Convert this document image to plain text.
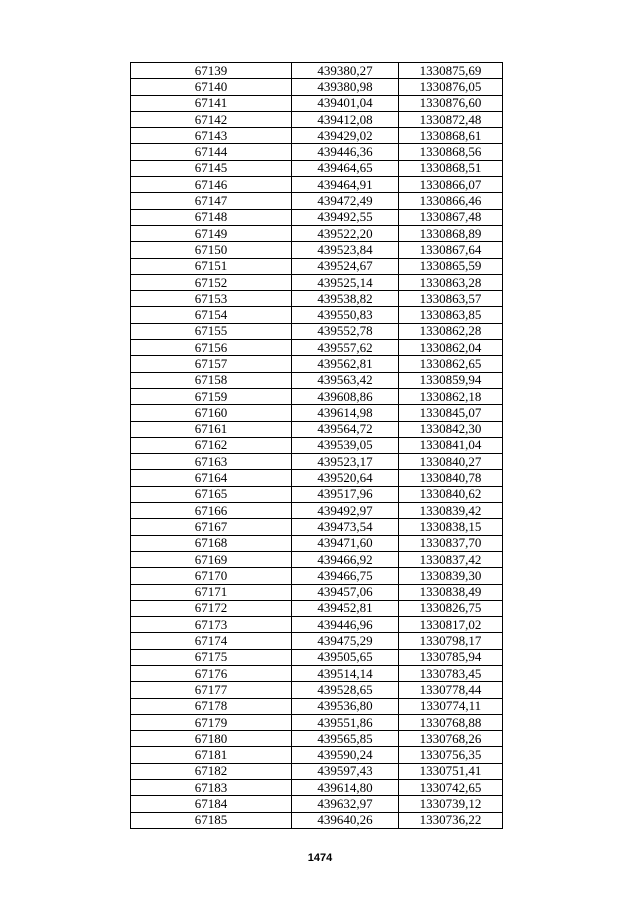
67139	439380,27	1330875,69
67140	439380,98	1330876,05
67141	439401,04	1330876,60
67142	439412,08	1330872,48
67143	439429,02	1330868,61
67144	439446,36	1330868,56
67145	439464,65	1330868,51
67146	439464,91	1330866,07
67147	439472,49	1330866,46
67148	439492,55	1330867,48
67149	439522,20	1330868,89
67150	439523,84	1330867,64
67151	439524,67	1330865,59
67152	439525,14	1330863,28
67153	439538,82	1330863,57
67154	439550,83	1330863,85
67155	439552,78	1330862,28
67156	439557,62	1330862,04
67157	439562,81	1330862,65
67158	439563,42	1330859,94
67159	439608,86	1330862,18
67160	439614,98	1330845,07
67161	439564,72	1330842,30
67162	439539,05	1330841,04
67163	439523,17	1330840,27
67164	439520,64	1330840,78
67165	439517,96	1330840,62
67166	439492,97	1330839,42
67167	439473,54	1330838,15
67168	439471,60	1330837,70
67169	439466,92	1330837,42
67170	439466,75	1330839,30
67171	439457,06	1330838,49
67172	439452,81	1330826,75
67173	439446,96	1330817,02
67174	439475,29	1330798,17
67175	439505,65	1330785,94
67176	439514,14	1330783,45
67177	439528,65	1330778,44
67178	439536,80	1330774,11
67179	439551,86	1330768,88
67180	439565,85	1330768,26
67181	439590,24	1330756,35
67182	439597,43	1330751,41
67183	439614,80	1330742,65
67184	439632,97	1330739,12
67185	439640,26	1330736,22
1474
